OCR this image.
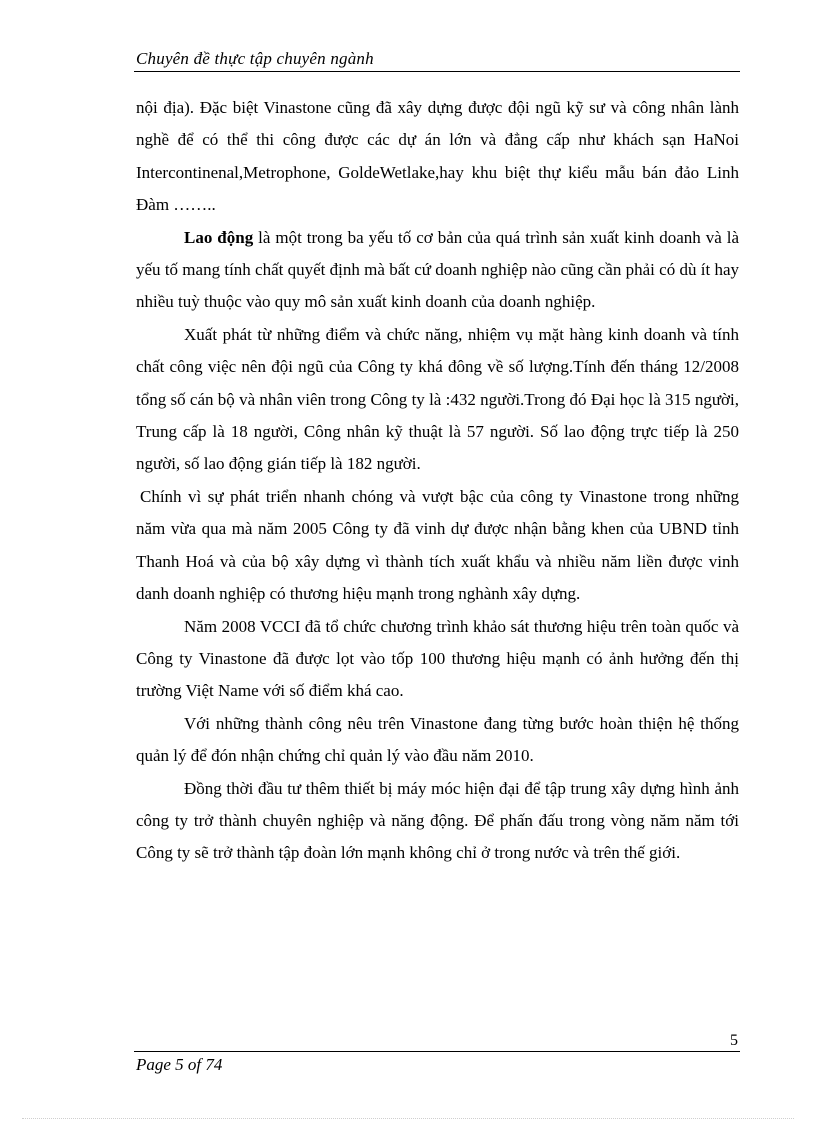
Chuyên đề thực tập chuyên ngành

nội địa). Đặc biệt Vinastone cũng đã xây dựng được đội ngũ kỹ sư và công nhân lành nghề để có thể thi công được các dự án lớn và đẳng cấp như khách sạn HaNoi Intercontinenal,Metrophone, GoldeWetlake,hay khu biệt thự kiểu mẫu bán đảo Linh Đàm ……..

Lao động là một trong ba yếu tố cơ bản của quá trình sản xuất kinh doanh và là yếu tố mang tính chất quyết định mà bất cứ doanh nghiệp nào cũng cần phải có dù ít hay nhiều tuỳ thuộc vào quy mô sản xuất kinh doanh của doanh nghiệp.

Xuất phát từ những điểm và chức năng, nhiệm vụ mặt hàng kinh doanh và tính chất công việc nên đội ngũ của Công ty khá đông về số lượng.Tính đến tháng 12/2008 tổng số cán bộ và nhân viên trong Công ty là :432 người.Trong đó Đại học là 315 người, Trung cấp là 18 người, Công nhân kỹ thuật là 57 người. Số lao động trực tiếp là 250 người, số lao động gián tiếp là 182 người.

Chính vì sự phát triển nhanh chóng và vượt bậc của công ty Vinastone trong những năm vừa qua mà năm 2005 Công ty đã vinh dự được nhận bằng khen của UBND tỉnh Thanh Hoá và của bộ xây dựng vì thành tích xuất khẩu và nhiều năm liền được vinh danh doanh nghiệp có thương hiệu mạnh trong nghành xây dựng.

Năm 2008 VCCI đã tổ chức chương trình khảo sát thương hiệu trên toàn quốc và Công ty Vinastone đã được lọt vào tốp 100 thương hiệu mạnh có ảnh hưởng đến thị trường Việt Name với số điểm khá cao.

Với những thành công nêu trên Vinastone đang từng bước hoàn thiện hệ thống quản lý để đón nhận chứng chỉ quản lý vào đầu năm 2010.

Đồng thời đầu tư thêm thiết bị máy móc hiện đại để tập trung xây dựng hình ảnh công ty trở thành chuyên nghiệp và năng động. Để phấn đấu trong vòng năm năm tới Công ty sẽ trở thành tập đoàn lớn mạnh không chỉ ở trong nước và trên thế giới.

5
Page 5 of 74
